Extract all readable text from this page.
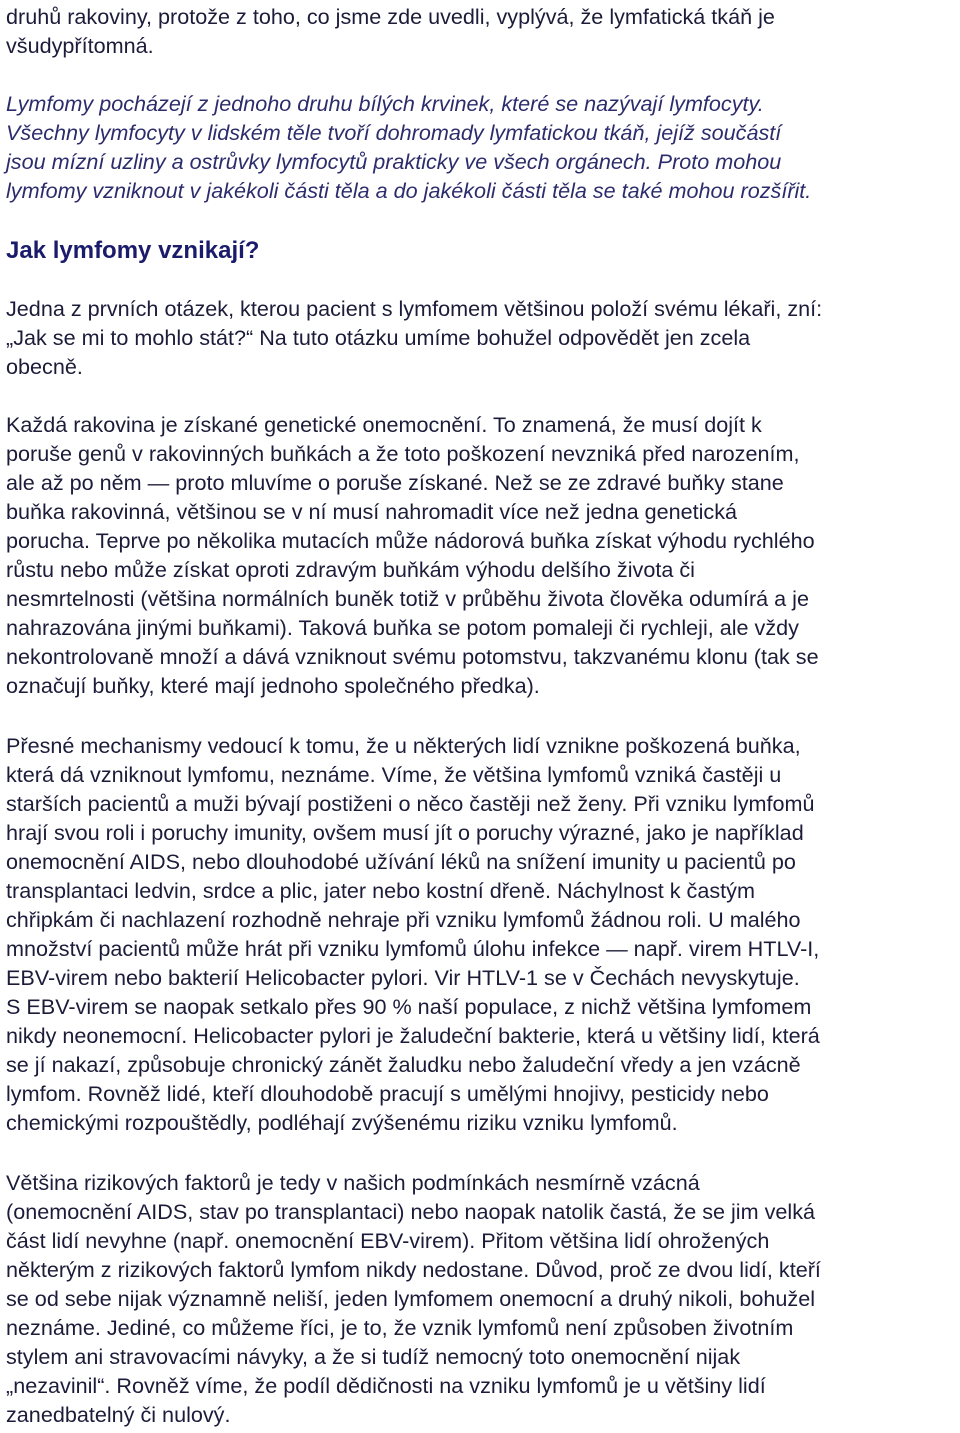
druhů rakoviny, protože z toho, co jsme zde uvedli, vyplývá, že lymfatická tkáň je
všudypřítomná.
Lymfomy pocházejí z jednoho druhu bílých krvinek, které se nazývají lymfocyty.
Všechny lymfocyty v lidském těle tvoří dohromady lymfatickou tkáň, jejíž součástí
jsou mízní uzliny a ostrůvky lymfocytů prakticky ve všech orgánech. Proto mohou
lymfomy vzniknout v jakékoli části těla a do jakékoli části těla se také mohou rozšířit.
Jak lymfomy vznikají?
Jedna z prvních otázek, kterou pacient s lymfomem většinou položí svému lékaři, zní:
„Jak se mi to mohlo stát?“ Na tuto otázku umíme bohužel odpovědět jen zcela
obecně.
Každá rakovina je získané genetické onemocnění. To znamená, že musí dojít k
poruše genů v rakovinných buňkách a že toto poškození nevzniká před narozením,
ale až po něm — proto mluvíme o poruše získané. Než se ze zdravé buňky stane
buňka rakovinná, většinou se v ní musí nahromadit více než jedna genetická
porucha. Teprve po několika mutacích může nádorová buňka získat výhodu rychlého
růstu nebo může získat oproti zdravým buňkám výhodu delšího života či
nesmrtelnosti (většina normálních buněk totiž v průběhu života člověka odumírá a je
nahrazována jinými buňkami). Taková buňka se potom pomaleji či rychleji, ale vždy
nekontrolovaně množí a dává vzniknout svému potomstvu, takzvanému klonu (tak se
označují buňky, které mají jednoho společného předka).
Přesné mechanismy vedoucí k tomu, že u některých lidí vznikne poškozená buňka,
která dá vzniknout lymfomu, neznáme. Víme, že většina lymfomů vzniká častěji u
starších pacientů a muži bývají postiženi o něco častěji než ženy. Při vzniku lymfomů
hrají svou roli i poruchy imunity, ovšem musí jít o poruchy výrazné, jako je například
onemocnění AIDS, nebo dlouhodobé užívání léků na snížení imunity u pacientů po
transplantaci ledvin, srdce a plic, jater nebo kostní dřeně. Náchylnost k častým
chřipkám či nachlazení rozhodně nehraje při vzniku lymfomů žádnou roli. U malého
množství pacientů může hrát při vzniku lymfomů úlohu infekce — např. virem HTLV-I,
EBV-virem nebo bakterií Helicobacter pylori. Vir HTLV-1 se v Čechách nevyskytuje.
S EBV-virem se naopak setkalo přes 90 % naší populace, z nichž většina lymfomem
nikdy neonemocní. Helicobacter pylori je žaludeční bakterie, která u většiny lidí, která
se jí nakazí, způsobuje chronický zánět žaludku nebo žaludeční vředy a jen vzácně
lymfom. Rovněž lidé, kteří dlouhodobě pracují s umělými hnojivy, pesticidy nebo
chemickými rozpouštědly, podléhají zvýšenému riziku vzniku lymfomů.
Většina rizikových faktorů je tedy v našich podmínkách nesmírně vzácná
(onemocnění AIDS, stav po transplantaci) nebo naopak natolik častá, že se jim velká
část lidí nevyhne (např. onemocnění EBV-virem). Přitom většina lidí ohrožených
některým z rizikových faktorů lymfom nikdy nedostane. Důvod, proč ze dvou lidí, kteří
se od sebe nijak významně neliší, jeden lymfomem onemocní a druhý nikoli, bohužel
neznáme. Jediné, co můžeme říci, je to, že vznik lymfomů není způsoben životním
stylem ani stravovacími návyky, a že si tudíž nemocný toto onemocnění nijak
„nezavinil“. Rovněž víme, že podíl dědičnosti na vzniku lymfomů je u většiny lidí
zanedbatelný či nulový.
